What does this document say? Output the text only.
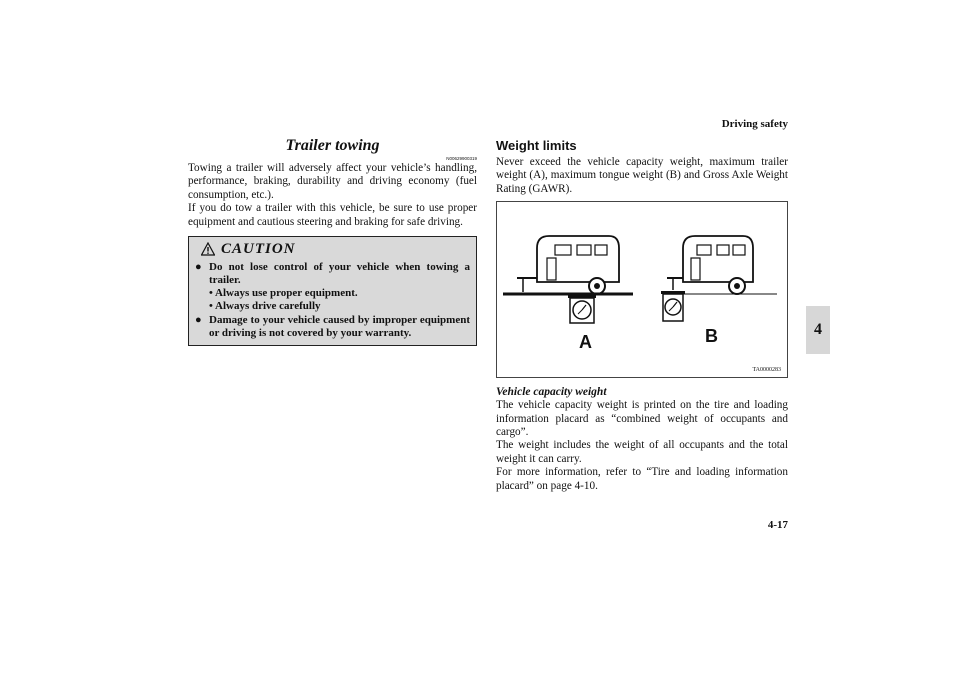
Driving safety
4-17
4
Trailer towing
N00629900319

Towing a trailer will adversely affect your vehicle’s handling, performance, braking, durability and driving economy (fuel consumption, etc.).

If you do tow a trailer with this vehicle, be sure to use proper equipment and cautious steering and braking for safe driving.

CAUTION
● Do not lose control of your vehicle when towing a trailer.
• Always use proper equipment.
• Always drive carefully
● Damage to your vehicle caused by improper equipment or driving is not covered by your warranty.
Weight limits

Never exceed the vehicle capacity weight, maximum trailer weight (A), maximum tongue weight (B) and Gross Axle Weight Rating (GAWR).

A	B
TA0000283
Vehicle capacity weight

The vehicle capacity weight is printed on the tire and loading information placard as “combined weight of occupants and cargo”.

The weight includes the weight of all occupants and the total weight it can carry.

For more information, refer to “Tire and loading information placard” on page 4-10.
